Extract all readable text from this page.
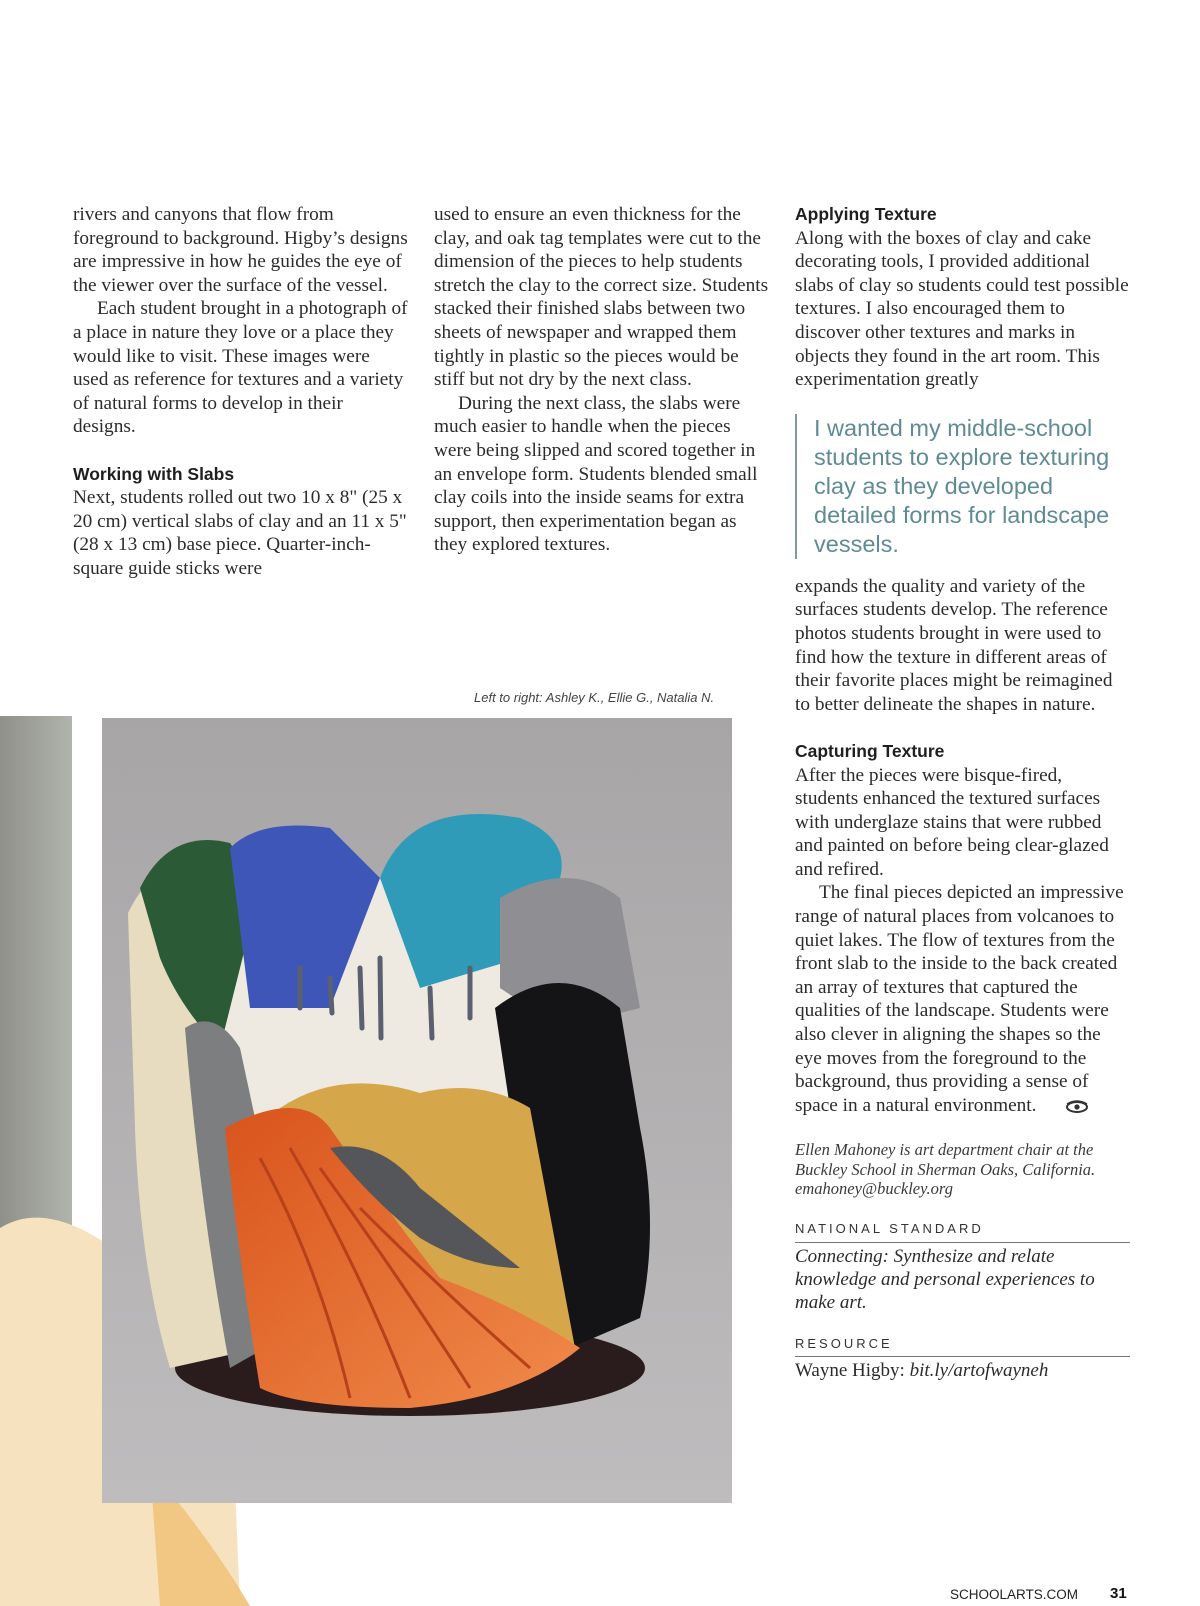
rivers and canyons that flow from foreground to background. Higby’s designs are impressive in how he guides the eye of the viewer over the surface of the vessel.

Each student brought in a photograph of a place in nature they love or a place they would like to visit. These images were used as reference for textures and a variety of natural forms to develop in their designs.

Working with Slabs

Next, students rolled out two 10 x 8" (25 x 20 cm) vertical slabs of clay and an 11 x 5" (28 x 13 cm) base piece. Quarter-inch-square guide sticks were

used to ensure an even thickness for the clay, and oak tag templates were cut to the dimension of the pieces to help students stretch the clay to the correct size. Students stacked their finished slabs between two sheets of newspaper and wrapped them tightly in plastic so the pieces would be stiff but not dry by the next class.

During the next class, the slabs were much easier to handle when the pieces were being slipped and scored together in an envelope form. Students blended small clay coils into the inside seams for extra support, then experimentation began as they explored textures.

Applying Texture

Along with the boxes of clay and cake decorating tools, I provided additional slabs of clay so students could test possible textures. I also encouraged them to discover other textures and marks in objects they found in the art room. This experimentation greatly

I wanted my middle-school students to explore texturing clay as they developed detailed forms for landscape vessels.

expands the quality and variety of the surfaces students develop. The reference photos students brought in were used to find how the texture in different areas of their favorite places might be reimagined to better delineate the shapes in nature.

Capturing Texture

After the pieces were bisque-fired, students enhanced the textured surfaces with underglaze stains that were rubbed and painted on before being clear-glazed and refired.

The final pieces depicted an impressive range of natural places from volcanoes to quiet lakes. The flow of textures from the front slab to the inside to the back created an array of textures that captured the qualities of the landscape. Students were also clever in aligning the shapes so the eye moves from the foreground to the background, thus providing a sense of space in a natural environment.

Ellen Mahoney is art department chair at the Buckley School in Sherman Oaks, California. emahoney@buckley.org
NATIONAL STANDARD
Connecting: Synthesize and relate knowledge and personal experiences to make art.
RESOURCE
Wayne Higby: bit.ly/artofwayneh
Left to right: Ashley K., Ellie G., Natalia N.
SCHOOLARTS.COM 31
